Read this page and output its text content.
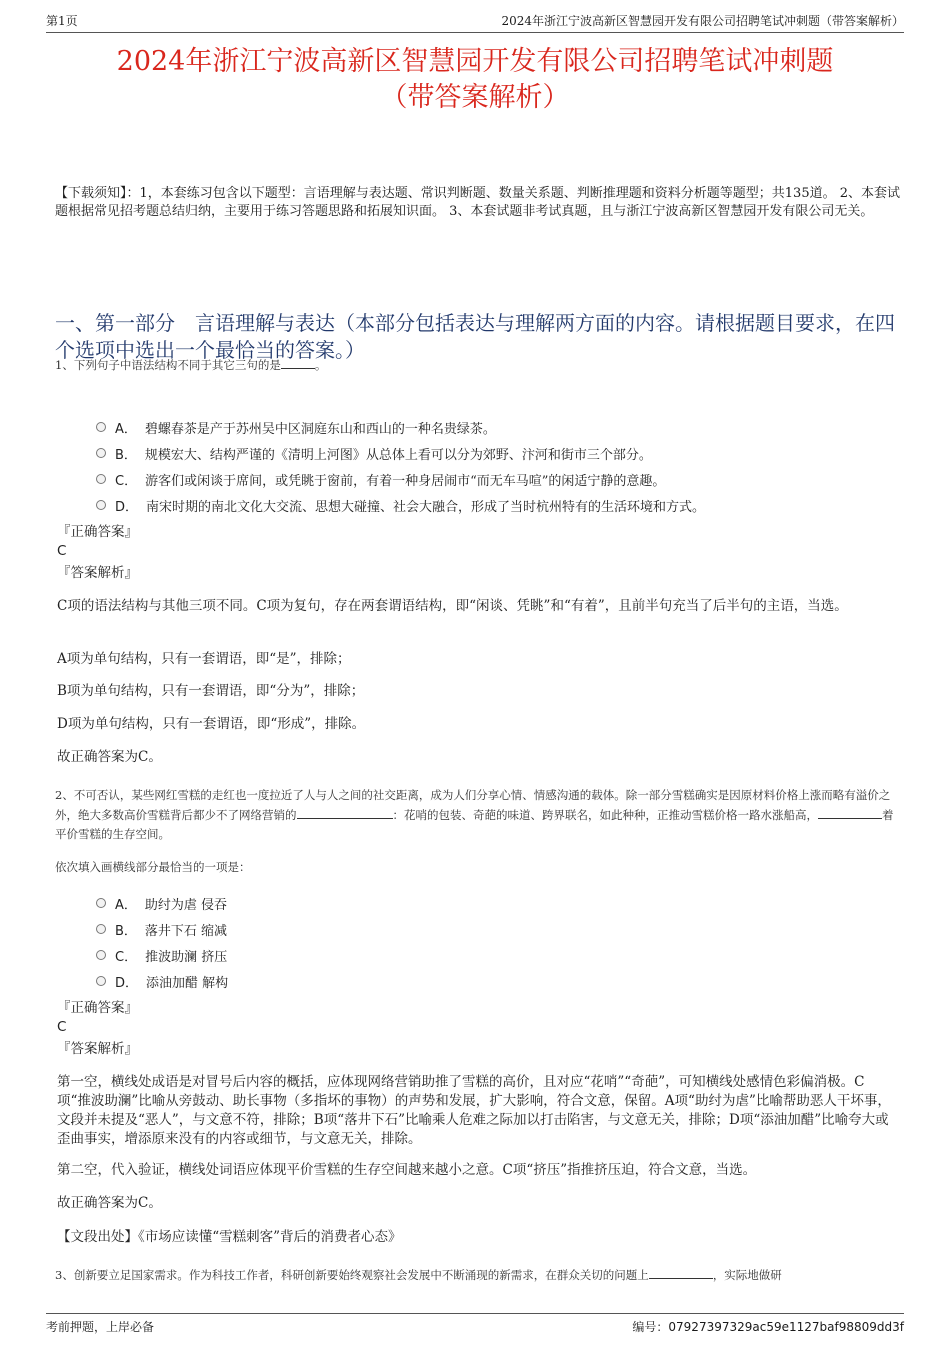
第1页	2024年浙江宁波高新区智慧园开发有限公司招聘笔试冲刺题（带答案解析）
2024年浙江宁波高新区智慧园开发有限公司招聘笔试冲刺题
（带答案解析）
【下载须知】：1，本套练习包含以下题型：言语理解与表达题、常识判断题、数量关系题、判断推理题和资料分析题等题型；共135道。 2、本套试题根据常见招考题总结归纳，主要用于练习答题思路和拓展知识面。 3、本套试题非考试真题，且与浙江宁波高新区智慧园开发有限公司无关。
一、第一部分　言语理解与表达（本部分包括表达与理解两方面的内容。请根据题目要求，在四个选项中选出一个最恰当的答案。）
1、下列句子中语法结构不同于其它三句的是	。
A． 碧螺春茶是产于苏州吴中区洞庭东山和西山的一种名贵绿茶。
B． 规模宏大、结构严谨的《清明上河图》从总体上看可以分为郊野、汴河和街市三个部分。
C． 游客们或闲谈于席间，或凭眺于窗前，有着一种身居闹市“而无车马喧”的闲适宁静的意趣。
D． 南宋时期的南北文化大交流、思想大碰撞、社会大融合，形成了当时杭州特有的生活环境和方式。
『正确答案』
C
『答案解析』
C项的语法结构与其他三项不同。C项为复句，存在两套谓语结构，即“闲谈、凭眺”和“有着”，且前半句充当了后半句的主语，当选。
A项为单句结构，只有一套谓语，即“是”，排除；
B项为单句结构，只有一套谓语，即“分为”，排除；
D项为单句结构，只有一套谓语，即“形成”，排除。
故正确答案为C。
2、不可否认，某些网红雪糕的走红也一度拉近了人与人之间的社交距离，成为人们分享心情、情感沟通的载体。除一部分雪糕确实是因原材料价格上涨而略有溢价之外，绝大多数高价雪糕背后都少不了网络营销的	：花哨的包装、奇葩的味道、跨界联名，如此种种，正推动雪糕价格一路水涨船高，	着平价雪糕的生存空间。
依次填入画横线部分最恰当的一项是：
A． 助纣为虐 侵吞
B． 落井下石 缩减
C． 推波助澜 挤压
D． 添油加醋 解构
『正确答案』
C
『答案解析』
第一空，横线处成语是对冒号后内容的概括，应体现网络营销助推了雪糕的高价，且对应“花哨”“奇葩”，可知横线处感情色彩偏消极。C项“推波助澜”比喻从旁鼓动、助长事物（多指坏的事物）的声势和发展，扩大影响，符合文意，保留。A项“助纣为虐”比喻帮助恶人干坏事，文段并未提及“恶人”，与文意不符，排除；B项“落井下石”比喻乘人危难之际加以打击陷害，与文意无关，排除；D项“添油加醋”比喻夸大或歪曲事实，增添原来没有的内容或细节，与文意无关，排除。
第二空，代入验证，横线处词语应体现平价雪糕的生存空间越来越小之意。C项“挤压”指推挤压迫，符合文意，当选。
故正确答案为C。
【文段出处】《市场应读懂“雪糕刺客”背后的消费者心态》
3、创新要立足国家需求。作为科技工作者，科研创新要始终观察社会发展中不断涌现的新需求，在群众关切的问题上	，实际地做研
考前押题，上岸必备	编号：07927397329ac59e1127baf98809dd3f
